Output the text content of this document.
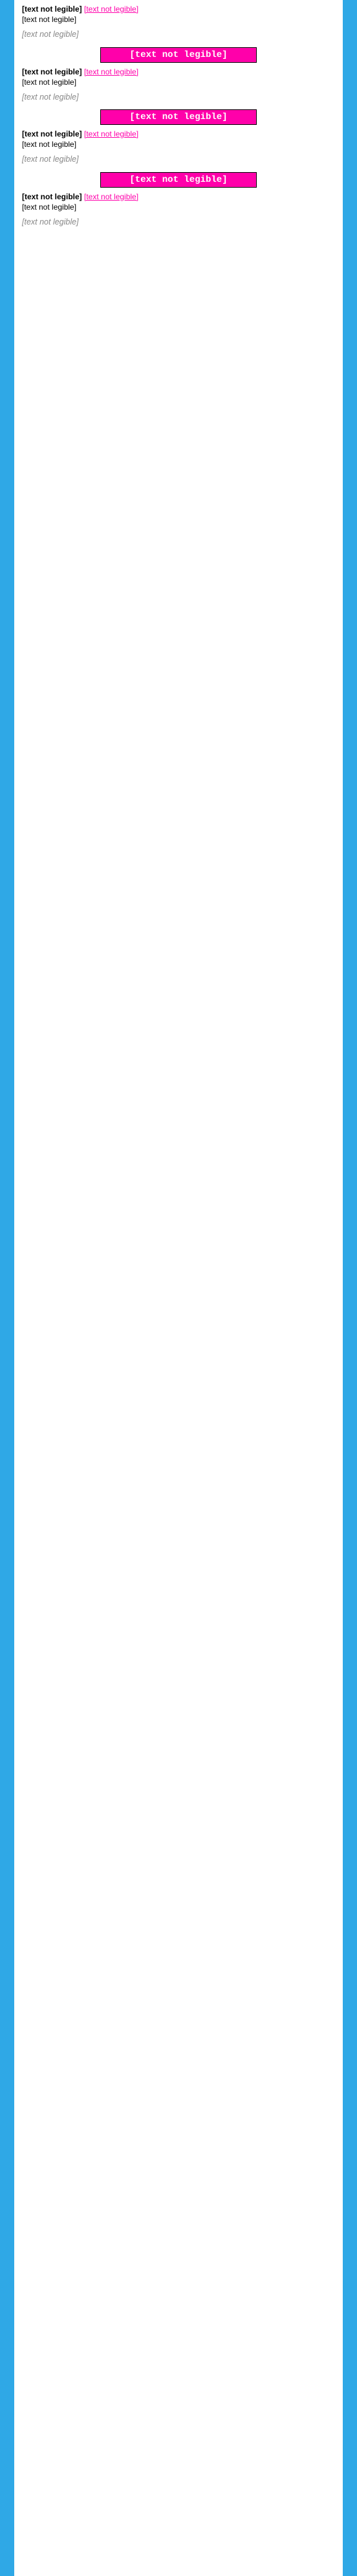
[text not legible] [text not legible]
[text not legible]
[text not legible]
[text not legible]
[text not legible] [text not legible]
[text not legible]
[text not legible]
[text not legible]
[text not legible] [text not legible]
[text not legible]
[text not legible]
[text not legible]
[text not legible] [text not legible]
[text not legible]
[text not legible]
